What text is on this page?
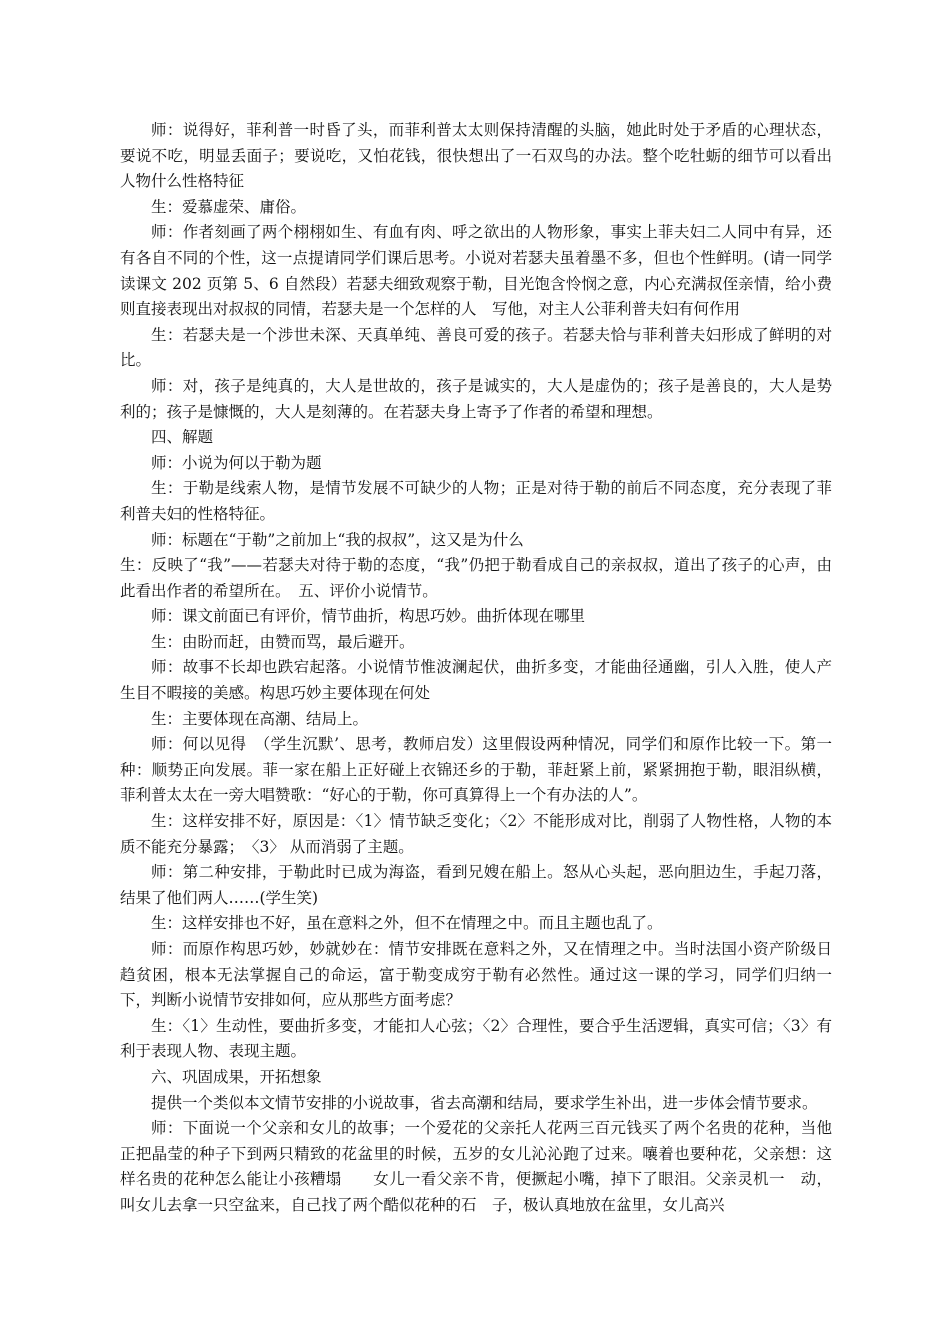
师：说得好，菲利普一时昏了头，而菲利普太太则保持清醒的头脑，她此时处于矛盾的心理状态，要说不吃，明显丢面子；要说吃，又怕花钱，很快想出了一石双鸟的办法。整个吃牡蛎的细节可以看出人物什么性格特征

生：爱慕虚荣、庸俗。

师：作者刻画了两个栩栩如生、有血有肉、呼之欲出的人物形象，事实上菲夫妇二人同中有异，还有各自不同的个性，这一点提请同学们课后思考。小说对若瑟夫虽着墨不多，但也个性鲜明。(请一同学读课文 202 页第 5、6 自然段）若瑟夫细致观察于勒，目光饱含怜悯之意，内心充满叔侄亲情，给小费则直接表现出对叔叔的同情，若瑟夫是一个怎样的人　写他，对主人公菲利普夫妇有何作用

生：若瑟夫是一个涉世未深、天真单纯、善良可爱的孩子。若瑟夫恰与菲利普夫妇形成了鲜明的对比。

师：对，孩子是纯真的，大人是世故的，孩子是诚实的，大人是虚伪的；孩子是善良的，大人是势利的；孩子是慷慨的，大人是刻薄的。在若瑟夫身上寄予了作者的希望和理想。

四、解题

师：小说为何以于勒为题

生：于勒是线索人物，是情节发展不可缺少的人物；正是对待于勒的前后不同态度，充分表现了菲利普夫妇的性格特征。

师：标题在“于勒”之前加上“我的叔叔”，这又是为什么

生：反映了“我”——若瑟夫对待于勒的态度，“我”仍把于勒看成自己的亲叔叔，道出了孩子的心声，由此看出作者的希望所在。　五、评价小说情节。

师：课文前面已有评价，情节曲折，构思巧妙。曲折体现在哪里

生：由盼而赶，由赞而骂，最后避开。

师：故事不长却也跌宕起落。小说情节惟波澜起伏，曲折多变，才能曲径通幽，引人入胜，使人产生目不暇接的美感。构思巧妙主要体现在何处

生：主要体现在高潮、结局上。

师：何以见得　（学生沉默’、思考，教师启发）这里假设两种情况，同学们和原作比较一下。第一种：顺势正向发展。菲一家在船上正好碰上衣锦还乡的于勒，菲赶紧上前，紧紧拥抱于勒，眼泪纵横，菲利普太太在一旁大唱赞歌：“好心的于勒，你可真算得上一个有办法的人”。

生：这样安排不好，原因是：〈1〉情节缺乏变化；〈2〉不能形成对比，削弱了人物性格，人物的本质不能充分暴露；　〈3〉 从而消弱了主题。

师：第二种安排，于勒此时已成为海盗，看到兄嫂在船上。怒从心头起，恶向胆边生，手起刀落，结果了他们两人……(学生笑)

生：这样安排也不好，虽在意料之外，但不在情理之中。而且主题也乱了。

师：而原作构思巧妙，妙就妙在：情节安排既在意料之外，又在情理之中。当时法国小资产阶级日趋贫困，根本无法掌握自己的命运，富于勒变成穷于勒有必然性。通过这一课的学习，同学们归纳一下，判断小说情节安排如何，应从那些方面考虑？

生：〈1〉生动性，要曲折多变，才能扣人心弦；〈2〉合理性，要合乎生活逻辑，真实可信；〈3〉有利于表现人物、表现主题。

六、巩固成果，开拓想象

提供一个类似本文情节安排的小说故事，省去高潮和结局，要求学生补出，进一步体会情节要求。

师：下面说一个父亲和女儿的故事；一个爱花的父亲托人花两三百元钱买了两个名贵的花种，当他正把晶莹的种子下到两只精致的花盆里的时候，五岁的女儿沁沁跑了过来。嚷着也要种花，父亲想：这样名贵的花种怎么能让小孩糟塌　　女儿一看父亲不肯，便撅起小嘴，掉下了眼泪。父亲灵机一　动，叫女儿去拿一只空盆来，自己找了两个酷似花种的石　子，极认真地放在盆里，女儿高兴
